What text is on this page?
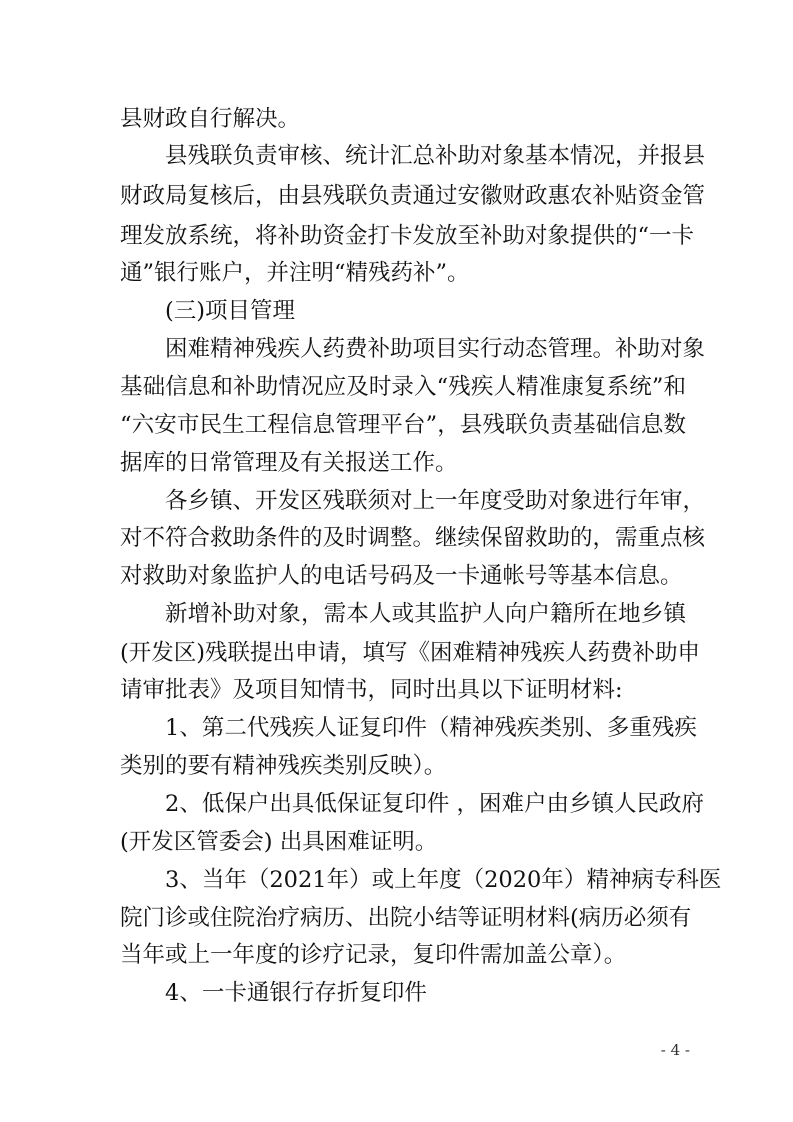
县财政自行解决。
县残联负责审核、统计汇总补助对象基本情况，并报县
财政局复核后，由县残联负责通过安徽财政惠农补贴资金管
理发放系统，将补助资金打卡发放至补助对象提供的“一卡
通”银行账户，并注明“精残药补”。
(三)项目管理
困难精神残疾人药费补助项目实行动态管理。补助对象
基础信息和补助情况应及时录入“残疾人精准康复系统”和
“六安市民生工程信息管理平台”，县残联负责基础信息数
据库的日常管理及有关报送工作。
各乡镇、开发区残联须对上一年度受助对象进行年审，
对不符合救助条件的及时调整。继续保留救助的，需重点核
对救助对象监护人的电话号码及一卡通帐号等基本信息。
新增补助对象，需本人或其监护人向户籍所在地乡镇
(开发区)残联提出申请，填写《困难精神残疾人药费补助申
请审批表》及项目知情书，同时出具以下证明材料:
1、第二代残疾人证复印件（精神残疾类别、多重残疾
类别的要有精神残疾类别反映）。
2、低保户出具低保证复印件 ，困难户由乡镇人民政府
(开发区管委会) 出具困难证明。
3、当年（2021年）或上年度（2020年）精神病专科医
院门诊或住院治疗病历、出院小结等证明材料(病历必须有
当年或上一年度的诊疗记录，复印件需加盖公章）。
4、一卡通银行存折复印件
- 4 -
